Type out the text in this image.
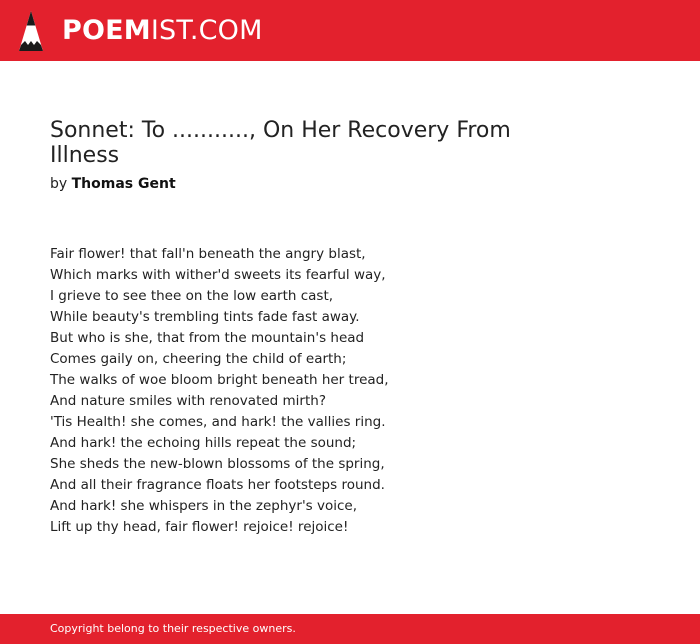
POEMIST.COM
Sonnet: To ..........., On Her Recovery From Illness
by Thomas Gent
Fair flower! that fall'n beneath the angry blast,
Which marks with wither'd sweets its fearful way,
I grieve to see thee on the low earth cast,
While beauty's trembling tints fade fast away.
But who is she, that from the mountain's head
Comes gaily on, cheering the child of earth;
The walks of woe bloom bright beneath her tread,
And nature smiles with renovated mirth?
'Tis Health! she comes, and hark! the vallies ring.
And hark! the echoing hills repeat the sound;
She sheds the new-blown blossoms of the spring,
And all their fragrance floats her footsteps round.
And hark! she whispers in the zephyr's voice,
Lift up thy head, fair flower! rejoice! rejoice!
Copyright belong to their respective owners.
